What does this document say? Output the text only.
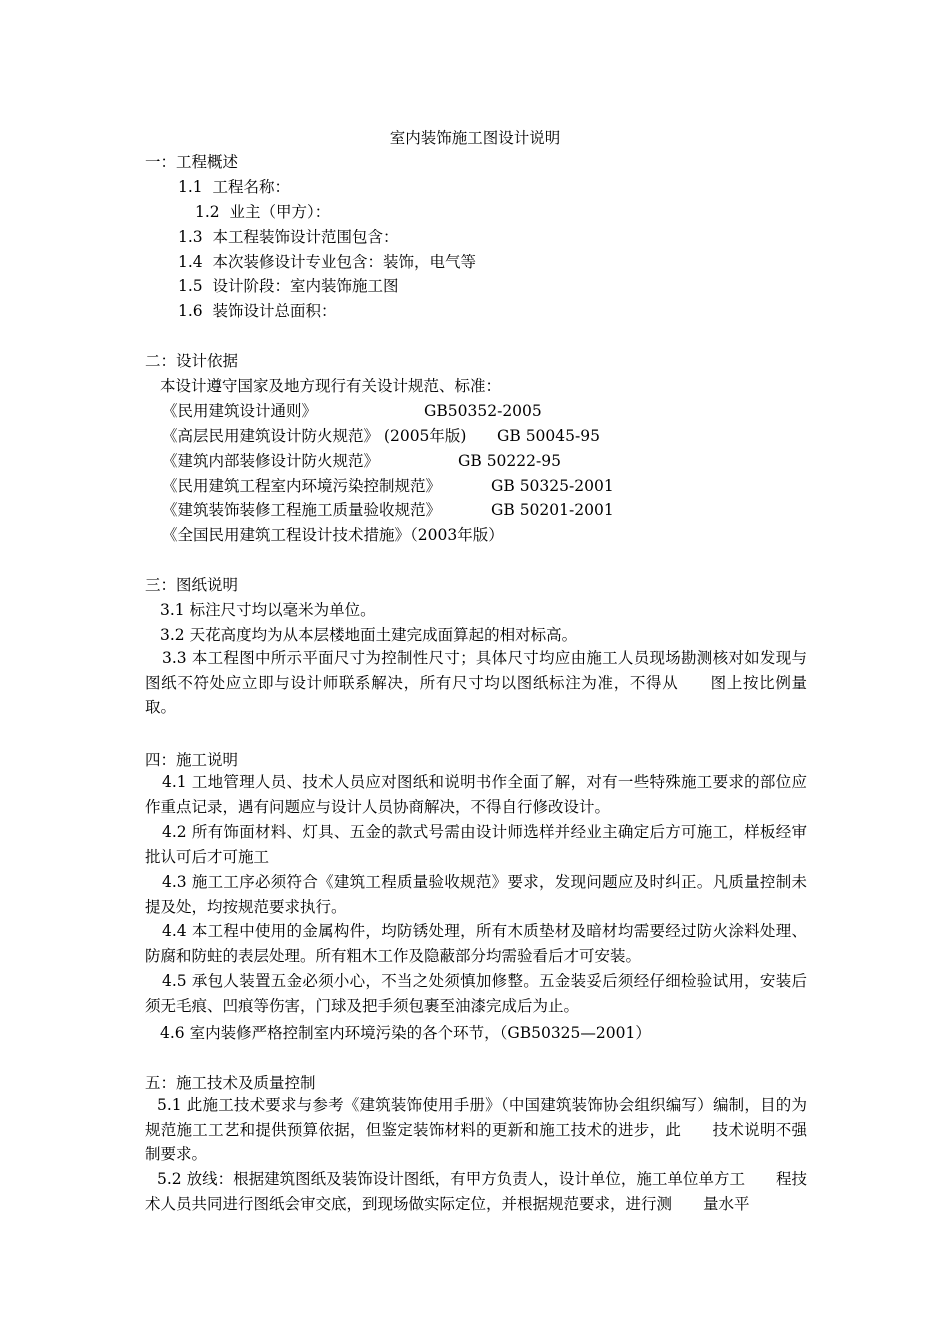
室内装饰施工图设计说明
一：工程概述
1.1  工程名称：
1.2  业主（甲方）：
1.3  本工程装饰设计范围包含：
1.4  本次装修设计专业包含：装饰，电气等
1.5  设计阶段：室内装饰施工图
1.6  装饰设计总面积：
二：设计依据
本设计遵守国家及地方现行有关设计规范、标准：
《民用建筑设计通则》	GB50352-2005
《高层民用建筑设计防火规范》 (2005年版) GB 50045-95
《建筑内部装修设计防火规范》	GB 50222-95
《民用建筑工程室内环境污染控制规范》	GB 50325-2001
《建筑装饰装修工程施工质量验收规范》	GB 50201-2001
《全国民用建筑工程设计技术措施》（2003年版）
三：图纸说明
3.1 标注尺寸均以毫米为单位。
3.2 天花高度均为从本层楼地面土建完成面算起的相对标高。
3.3 本工程图中所示平面尺寸为控制性尺寸；具体尺寸均应由施工人员现场勘测核对如发现与图纸不符处应立即与设计师联系解决，所有尺寸均以图纸标注为准，不得从　　图上按比例量取。
四：施工说明
4.1 工地管理人员、技术人员应对图纸和说明书作全面了解，对有一些特殊施工要求的部位应作重点记录，遇有问题应与设计人员协商解决，不得自行修改设计。
4.2 所有饰面材料、灯具、五金的款式号需由设计师选样并经业主确定后方可施工，样板经审批认可后才可施工
4.3 施工工序必须符合《建筑工程质量验收规范》要求，发现问题应及时纠正。凡质量控制未提及处，均按规范要求执行。
4.4 本工程中使用的金属构件，均防锈处理，所有木质垫材及暗材均需要经过防火涂料处理、防腐和防蛀的表层处理。所有粗木工作及隐蔽部分均需验看后才可安装。
4.5 承包人装置五金必须小心，不当之处须慎加修整。五金装妥后须经仔细检验试用，安装后须无毛痕、凹痕等伤害，门球及把手须包裹至油漆完成后为止。
4.6 室内装修严格控制室内环境污染的各个环节，（GB50325—2001）
五：施工技术及质量控制
5.1 此施工技术要求与参考《建筑装饰使用手册》（中国建筑装饰协会组织编写）编制，目的为规范施工工艺和提供预算依据，但鉴定装饰材料的更新和施工技术的进步，此　　技术说明不强制要求。
5.2 放线：根据建筑图纸及装饰设计图纸，有甲方负责人，设计单位，施工单位单方工　　程技术人员共同进行图纸会审交底，到现场做实际定位，并根据规范要求，进行测　　量水平
